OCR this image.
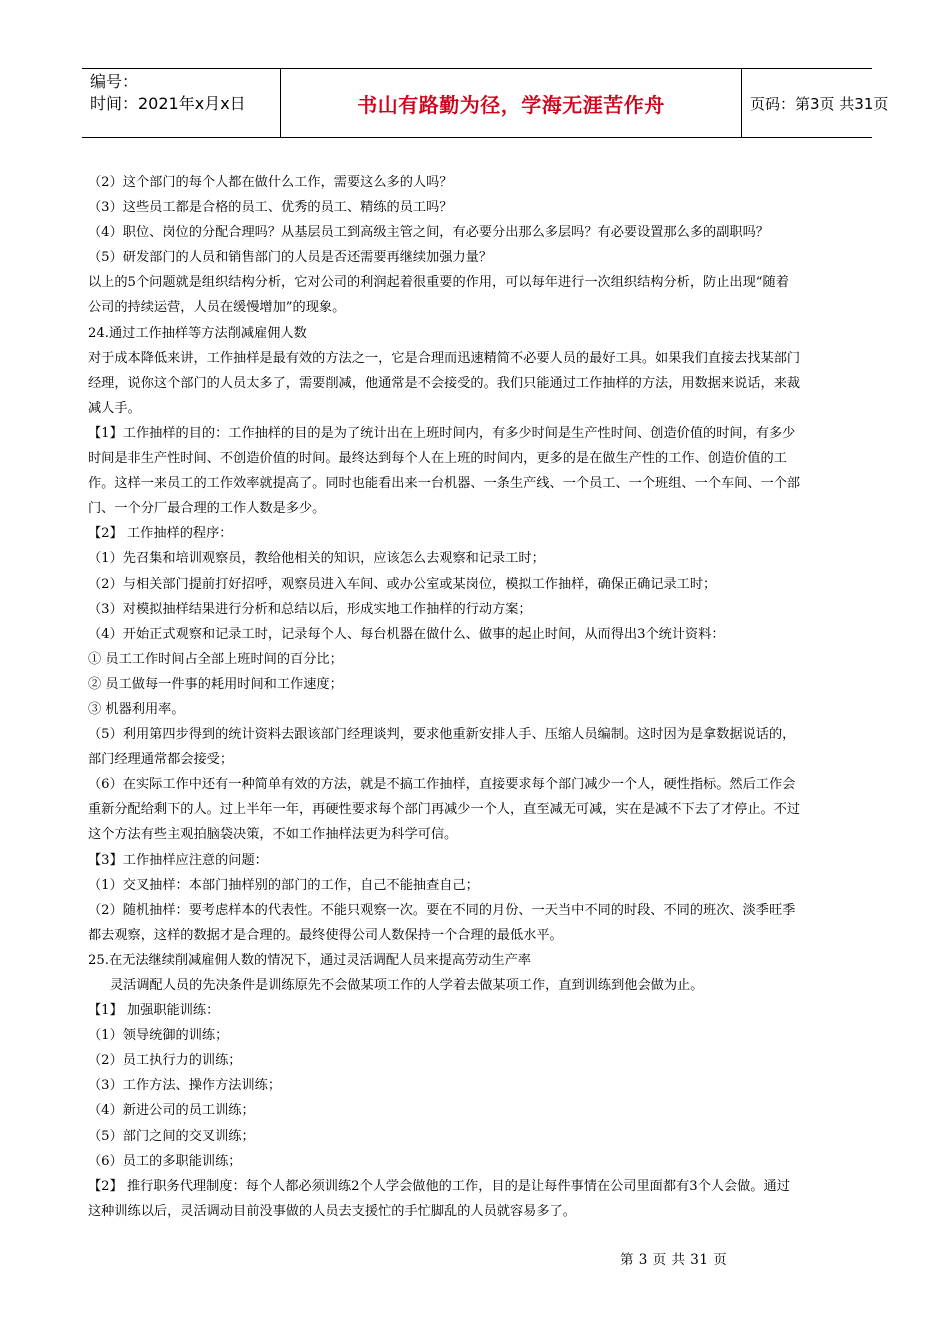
编号：
时间：2021年x月x日	书山有路勤为径，学海无涯苦作舟	页码：第3页 共31页
（2）这个部门的每个人都在做什么工作，需要这么多的人吗？
（3）这些员工都是合格的员工、优秀的员工、精练的员工吗？
（4）职位、岗位的分配合理吗？从基层员工到高级主管之间，有必要分出那么多层吗？有必要设置那么多的副职吗？
（5）研发部门的人员和销售部门的人员是否还需要再继续加强力量？
以上的5个问题就是组织结构分析，它对公司的利润起着很重要的作用，可以每年进行一次组织结构分析，防止出现“随着
公司的持续运营，人员在缓慢增加”的现象。
24.通过工作抽样等方法削减雇佣人数
对于成本降低来讲，工作抽样是最有效的方法之一，它是合理而迅速精简不必要人员的最好工具。如果我们直接去找某部门
经理，说你这个部门的人员太多了，需要削减，他通常是不会接受的。我们只能通过工作抽样的方法，用数据来说话，来裁
减人手。
【1】工作抽样的目的：工作抽样的目的是为了统计出在上班时间内，有多少时间是生产性时间、创造价值的时间，有多少
时间是非生产性时间、不创造价值的时间。最终达到每个人在上班的时间内，更多的是在做生产性的工作、创造价值的工
作。这样一来员工的工作效率就提高了。同时也能看出来一台机器、一条生产线、一个员工、一个班组、一个车间、一个部
门、一个分厂最合理的工作人数是多少。
【2】 工作抽样的程序：
（1）先召集和培训观察员，教给他相关的知识，应该怎么去观察和记录工时；
（2）与相关部门提前打好招呼，观察员进入车间、或办公室或某岗位，模拟工作抽样，确保正确记录工时；
（3）对模拟抽样结果进行分析和总结以后，形成实地工作抽样的行动方案；
（4）开始正式观察和记录工时，记录每个人、每台机器在做什么、做事的起止时间，从而得出3个统计资料：
① 员工工作时间占全部上班时间的百分比；
② 员工做每一件事的耗用时间和工作速度；
③ 机器利用率。
（5）利用第四步得到的统计资料去跟该部门经理谈判，要求他重新安排人手、压缩人员编制。这时因为是拿数据说话的，
部门经理通常都会接受；
（6）在实际工作中还有一种简单有效的方法，就是不搞工作抽样，直接要求每个部门减少一个人，硬性指标。然后工作会
重新分配给剩下的人。过上半年一年，再硬性要求每个部门再减少一个人，直至减无可减，实在是减不下去了才停止。不过
这个方法有些主观拍脑袋决策，不如工作抽样法更为科学可信。
【3】工作抽样应注意的问题：
（1）交叉抽样：本部门抽样别的部门的工作，自己不能抽查自己；
（2）随机抽样：要考虑样本的代表性。不能只观察一次。要在不同的月份、一天当中不同的时段、不同的班次、淡季旺季
都去观察，这样的数据才是合理的。最终使得公司人数保持一个合理的最低水平。
25.在无法继续削减雇佣人数的情况下，通过灵活调配人员来提高劳动生产率
灵活调配人员的先决条件是训练原先不会做某项工作的人学着去做某项工作，直到训练到他会做为止。
【1】 加强职能训练：
（1）领导统御的训练；
（2）员工执行力的训练；
（3）工作方法、操作方法训练；
（4）新进公司的员工训练；
（5）部门之间的交叉训练；
（6）员工的多职能训练；
【2】 推行职务代理制度：每个人都必须训练2个人学会做他的工作，目的是让每件事情在公司里面都有3个人会做。通过
这种训练以后，灵活调动目前没事做的人员去支援忙的手忙脚乱的人员就容易多了。
第 3 页 共 31 页
